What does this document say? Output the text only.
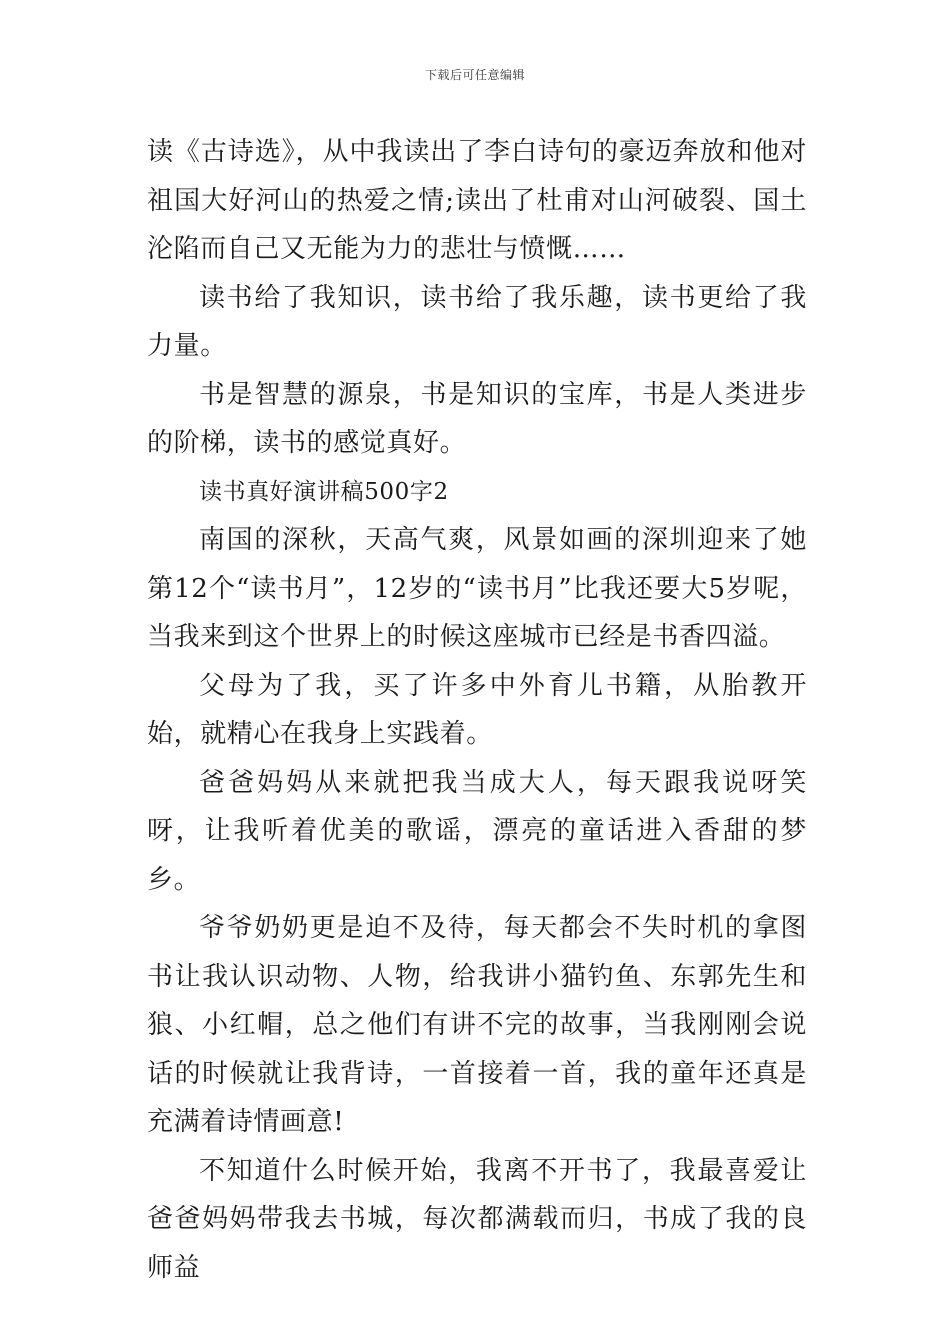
下载后可任意编辑

读《古诗选》，从中我读出了李白诗句的豪迈奔放和他对祖国大好河山的热爱之情;读出了杜甫对山河破裂、国土沦陷而自己又无能为力的悲壮与愤慨……

读书给了我知识，读书给了我乐趣，读书更给了我力量。

书是智慧的源泉，书是知识的宝库，书是人类进步的阶梯，读书的感觉真好。

读书真好演讲稿500字2

南国的深秋，天高气爽，风景如画的深圳迎来了她第12个“读书月”，12岁的“读书月”比我还要大5岁呢，当我来到这个世界上的时候这座城市已经是书香四溢。

父母为了我，买了许多中外育儿书籍，从胎教开始，就精心在我身上实践着。

爸爸妈妈从来就把我当成大人，每天跟我说呀笑呀，让我听着优美的歌谣，漂亮的童话进入香甜的梦乡。

爷爷奶奶更是迫不及待，每天都会不失时机的拿图书让我认识动物、人物，给我讲小猫钓鱼、东郭先生和狼、小红帽，总之他们有讲不完的故事，当我刚刚会说话的时候就让我背诗，一首接着一首，我的童年还真是充满着诗情画意!

不知道什么时候开始，我离不开书了，我最喜爱让爸爸妈妈带我去书城，每次都满载而归，书成了我的良师益
